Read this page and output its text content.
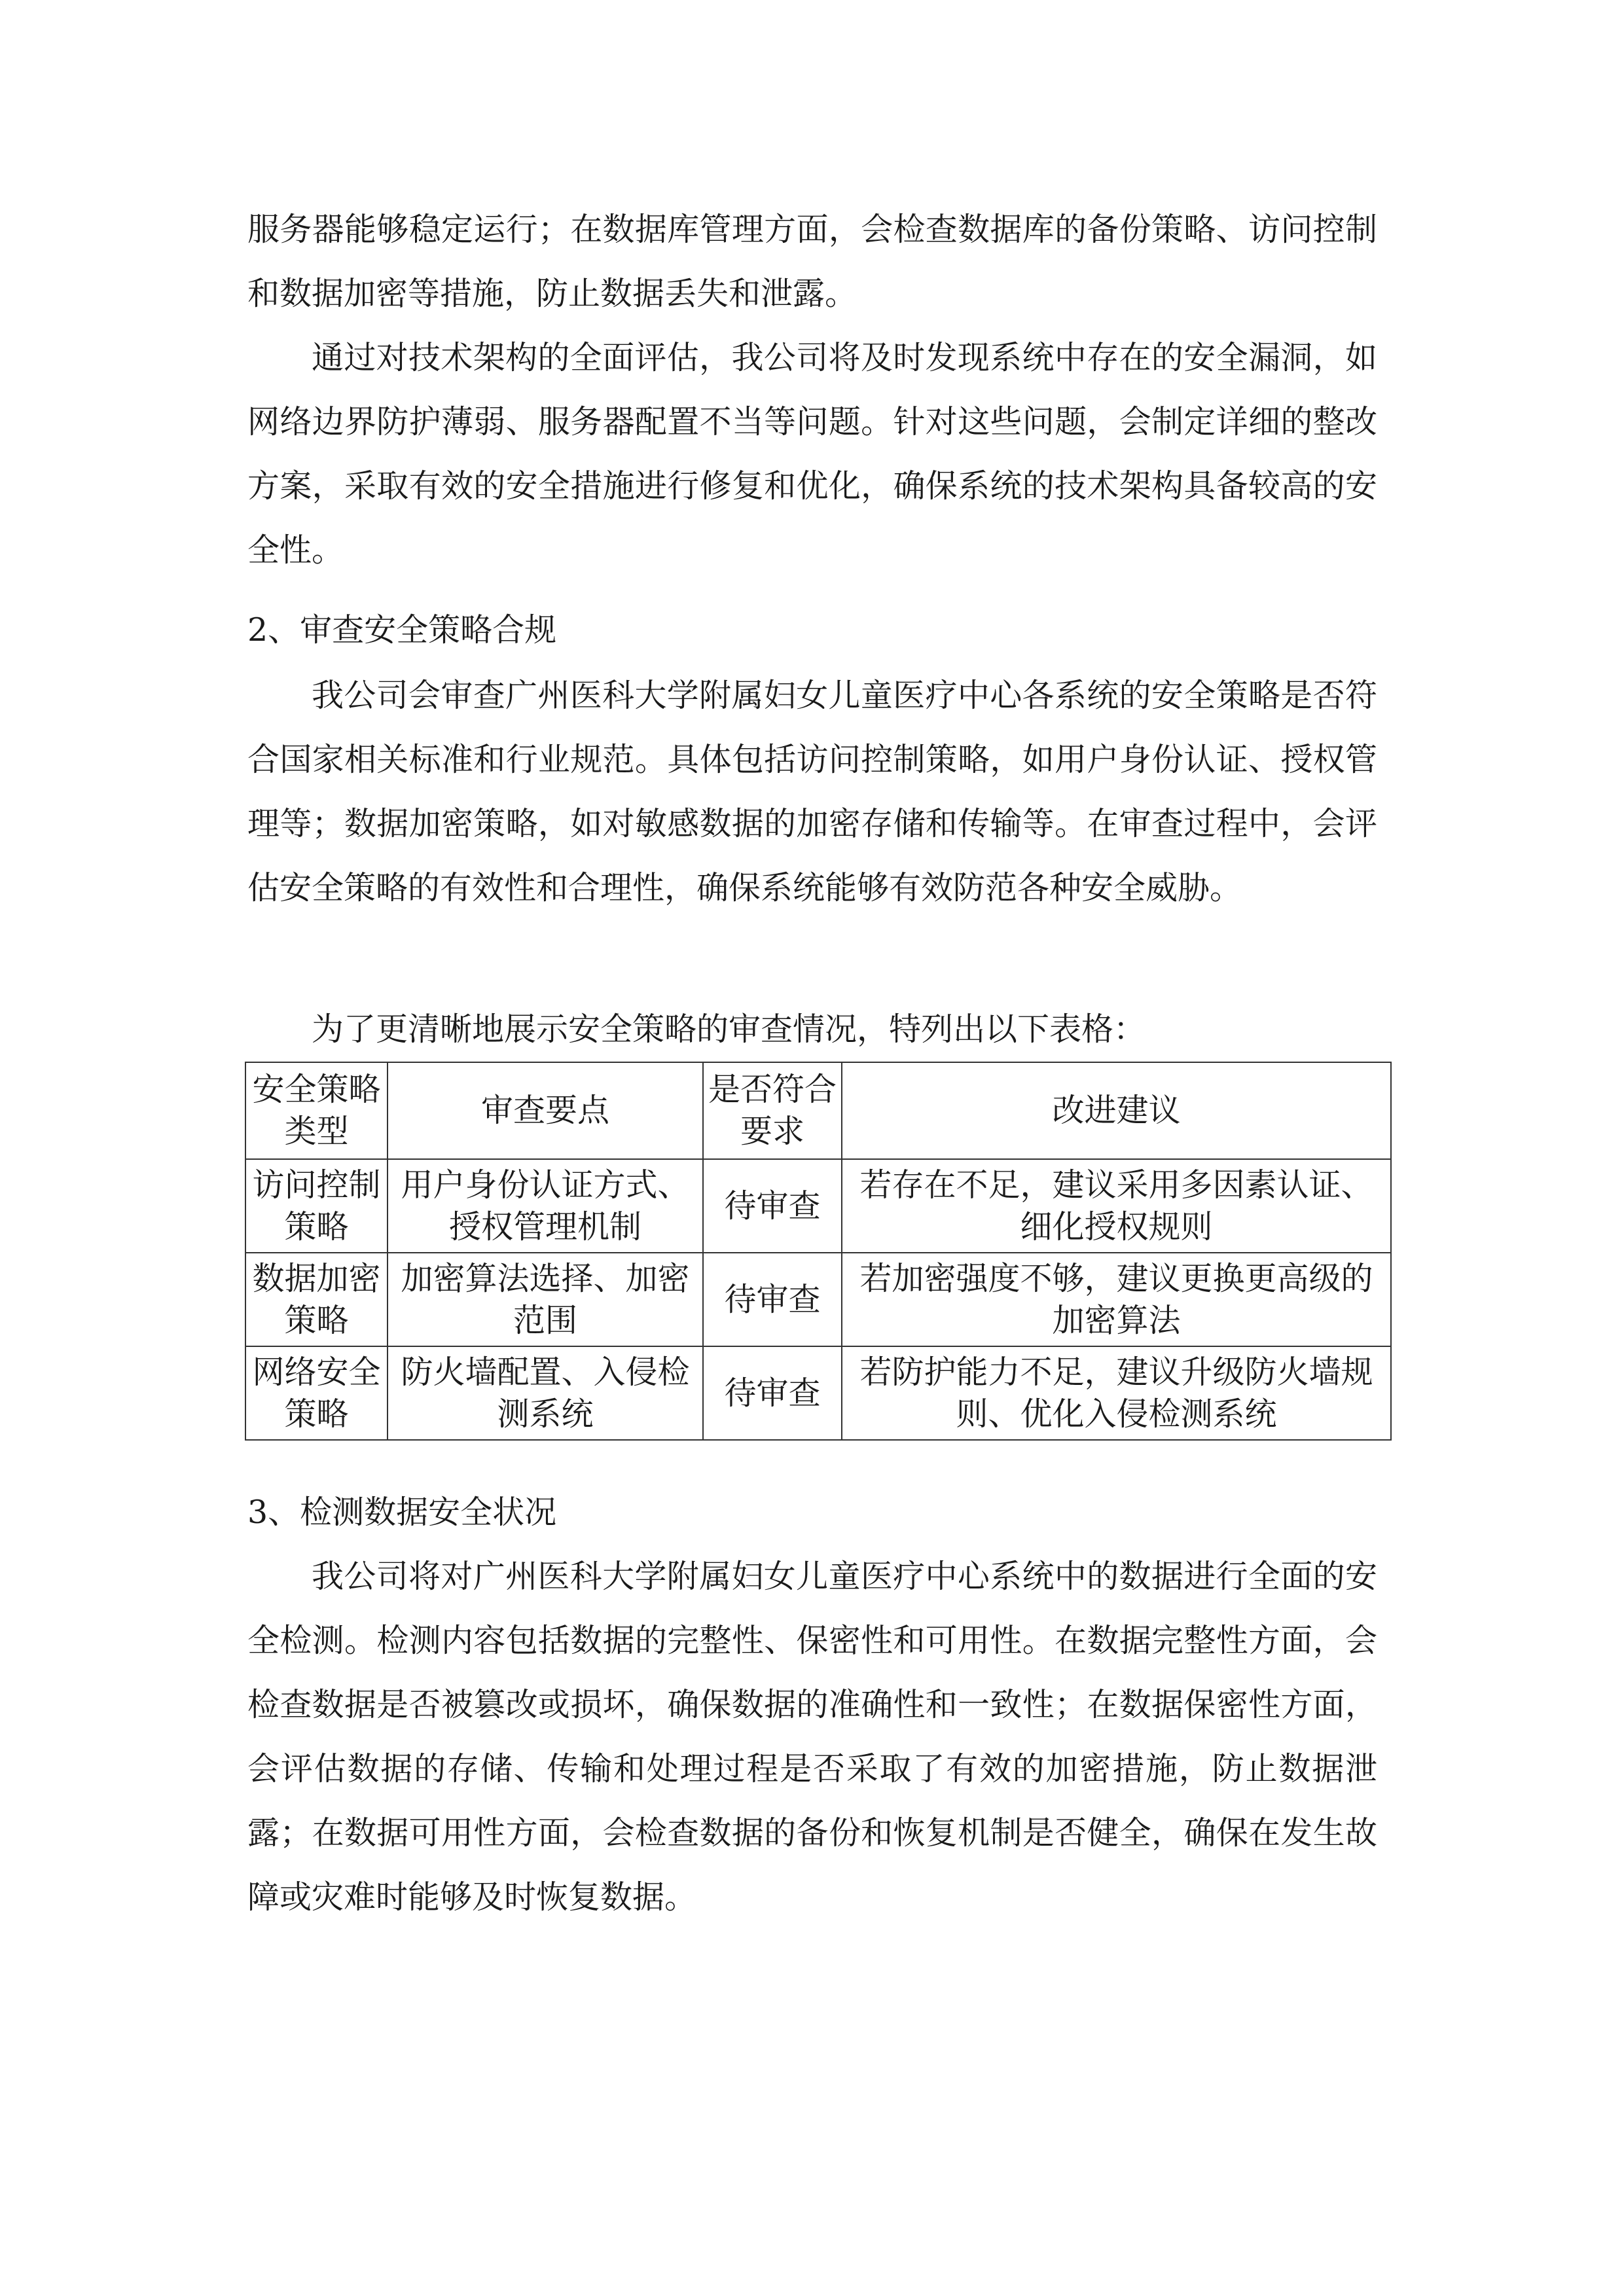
服务器能够稳定运行；在数据库管理方面，会检查数据库的备份策略、访问控制和数据加密等措施，防止数据丢失和泄露。

通过对技术架构的全面评估，我公司将及时发现系统中存在的安全漏洞，如网络边界防护薄弱、服务器配置不当等问题。针对这些问题，会制定详细的整改方案，采取有效的安全措施进行修复和优化，确保系统的技术架构具备较高的安全性。

2、审查安全策略合规

我公司会审查广州医科大学附属妇女儿童医疗中心各系统的安全策略是否符合国家相关标准和行业规范。具体包括访问控制策略，如用户身份认证、授权管理等；数据加密策略，如对敏感数据的加密存储和传输等。在审查过程中，会评估安全策略的有效性和合理性，确保系统能够有效防范各种安全威胁。

为了更清晰地展示安全策略的审查情况，特列出以下表格：

安全策略类型	审查要点	是否符合要求	改进建议
访问控制策略	用户身份认证方式、授权管理机制	待审查	若存在不足，建议采用多因素认证、细化授权规则
数据加密策略	加密算法选择、加密范围	待审查	若加密强度不够，建议更换更高级的加密算法
网络安全策略	防火墙配置、入侵检测系统	待审查	若防护能力不足，建议升级防火墙规则、优化入侵检测系统

3、检测数据安全状况

我公司将对广州医科大学附属妇女儿童医疗中心系统中的数据进行全面的安全检测。检测内容包括数据的完整性、保密性和可用性。在数据完整性方面，会检查数据是否被篡改或损坏，确保数据的准确性和一致性；在数据保密性方面，会评估数据的存储、传输和处理过程是否采取了有效的加密措施，防止数据泄露；在数据可用性方面，会检查数据的备份和恢复机制是否健全，确保在发生故障或灾难时能够及时恢复数据。
